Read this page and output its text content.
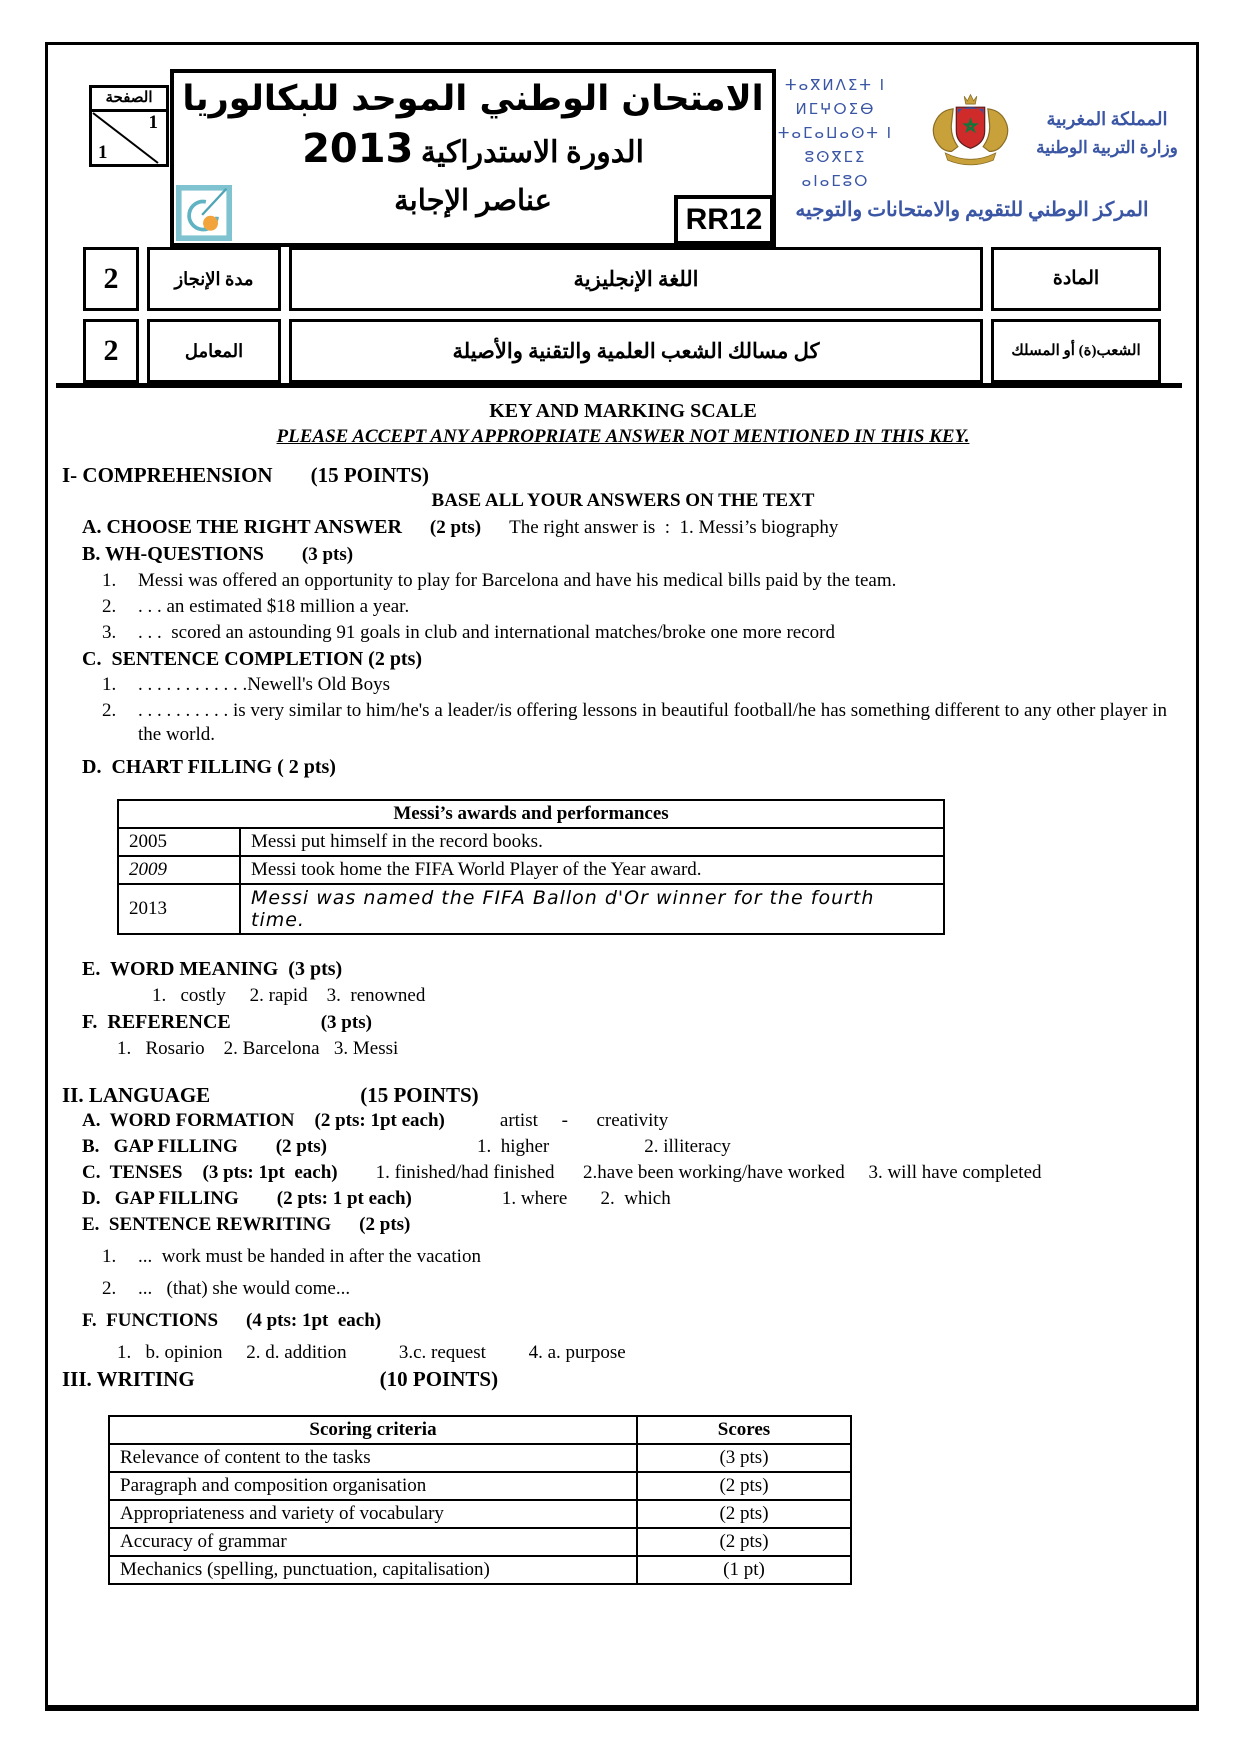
الصفحة
1
1
الامتحان الوطني الموحد للبكالوريا
الدورة الاستدراكية 2013
عناصر الإجابة
RR12
ⵜⴰⴳⵍⴷⵉⵜ ⵏ ⵍⵎⵖⵔⵉⴱ
ⵜⴰⵎⴰⵡⴰⵙⵜ ⵏ ⵓⵙⴳⵎⵉ
ⴰⵏⴰⵎⵓⵔ
المملكة المغربية
وزارة التربية الوطنية
المركز الوطني للتقويم والامتحانات والتوجيه
2	مدة الإنجاز	اللغة الإنجليزية	المادة
2	المعامل	كل مسالك الشعب العلمية والتقنية والأصيلة	الشعب(ة) أو المسلك
KEY AND MARKING SCALE
PLEASE ACCEPT ANY APPROPRIATE ANSWER NOT MENTIONED IN THIS KEY.
I- COMPREHENSION (15 POINTS)
BASE ALL YOUR ANSWERS ON THE TEXT
A. CHOOSE THE RIGHT ANSWER (2 pts) The right answer is  :  1. Messi’s biography
B. WH-QUESTIONS (3 pts)
1.	Messi was offered an opportunity to play for Barcelona and have his medical bills paid by the team.
2.	. . . an estimated $18 million a year.
3.	. . .  scored an astounding 91 goals in club and international matches/broke one more record
C.  SENTENCE COMPLETION (2 pts)
1.	. . . . . . . . . . . .Newell's Old Boys
2.	. . . . . . . . . . is very similar to him/he's a leader/is offering lessons in beautiful football/he has something different to any other player in the world.
D.  CHART FILLING ( 2 pts)
Messi’s awards and performances	
2005	Messi put himself in the record books.
2009	Messi took home the FIFA World Player of the Year award.
2013	Messi was named the FIFA Ballon d'Or winner for the fourth time.
E.  WORD MEANING  (3 pts)
1.   costly     2. rapid    3.  renowned
F.  REFERENCE	(3 pts)
1.   Rosario    2. Barcelona   3. Messi
II. LANGUAGE	(15 POINTS)
A.  WORD FORMATION (2 pts: 1pt each)	artist     -      creativity
B.   GAP FILLING (2 pts)	1.  higher                    2. illiteracy
C.  TENSES (3 pts: 1pt  each) 1. finished/had finished      2.have been working/have worked     3. will have completed
D.   GAP FILLING (2 pts: 1 pt each)	1. where       2.  which
E.  SENTENCE REWRITING (2 pts)
1.	...  work must be handed in after the vacation
2.	...   (that) she would come...
F.  FUNCTIONS (4 pts: 1pt  each)
1.   b. opinion     2. d. addition           3.c. request         4. a. purpose
III. WRITING	(10 POINTS)
Scoring criteria	Scores
Relevance of content to the tasks	(3 pts)
Paragraph and composition organisation	(2 pts)
Appropriateness and variety of vocabulary	(2 pts)
Accuracy of grammar	(2 pts)
Mechanics (spelling, punctuation, capitalisation)	(1 pt)
